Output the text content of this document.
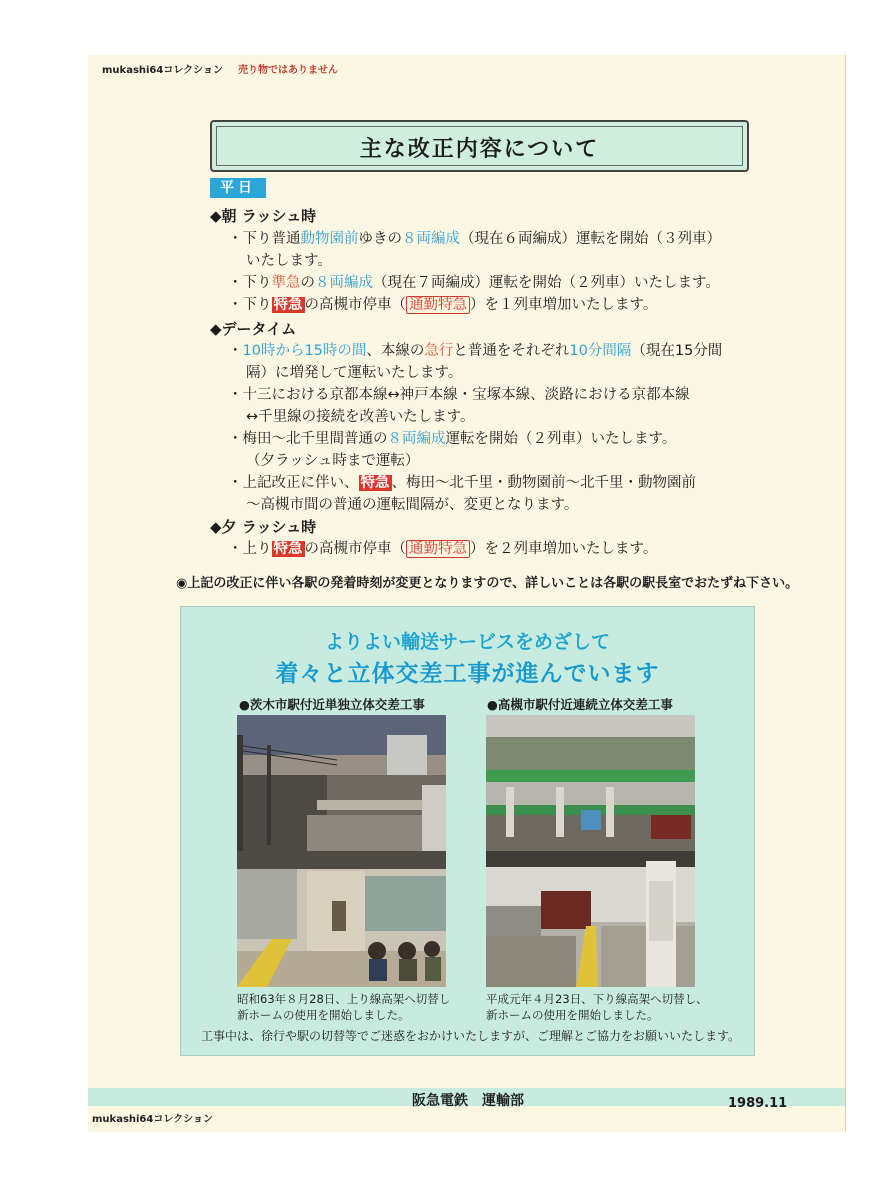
mukashi64コレクション 売り物ではありません
主な改正内容について
平日
◆朝 ラッシュ時
・下り普通動物園前ゆきの８両編成（現在６両編成）運転を開始（３列車）
いたします。
・下り準急の８両編成（現在７両編成）運転を開始（２列車）いたします。
・下り 特急 の高槻市停車（ 通勤特急 ）を１列車増加いたします。
◆データイム
・10時から15時の間、本線の急行と普通をそれぞれ10分間隔（現在15分間
隔）に増発して運転いたします。
・十三における京都本線↔神戸本線・宝塚本線、淡路における京都本線
↔千里線の接続を改善いたします。
・梅田〜北千里間普通の８両編成運転を開始（２列車）いたします。
（夕ラッシュ時まで運転）
・上記改正に伴い、 特急 、梅田〜北千里・動物園前〜北千里・動物園前
〜高槻市間の普通の運転間隔が、変更となります。
◆夕 ラッシュ時
・上り 特急 の高槻市停車（ 通勤特急 ）を２列車増加いたします。
◉上記の改正に伴い各駅の発着時刻が変更となりますので、詳しいことは各駅の駅長室でおたずね下さい。
よりよい輸送サービスをめざして
着々と立体交差工事が進んでいます
●茨木市駅付近単独立体交差工事	●高槻市駅付近連続立体交差工事
昭和63年８月28日、上り線高架へ切替し
新ホームの使用を開始しました。
平成元年４月23日、下り線高架へ切替し、
新ホームの使用を開始しました。
工事中は、徐行や駅の切替等でご迷惑をおかけいたしますが、ご理解とご協力をお願いいたします。
阪急電鉄　運輸部	1989.11
mukashi64コレクション
